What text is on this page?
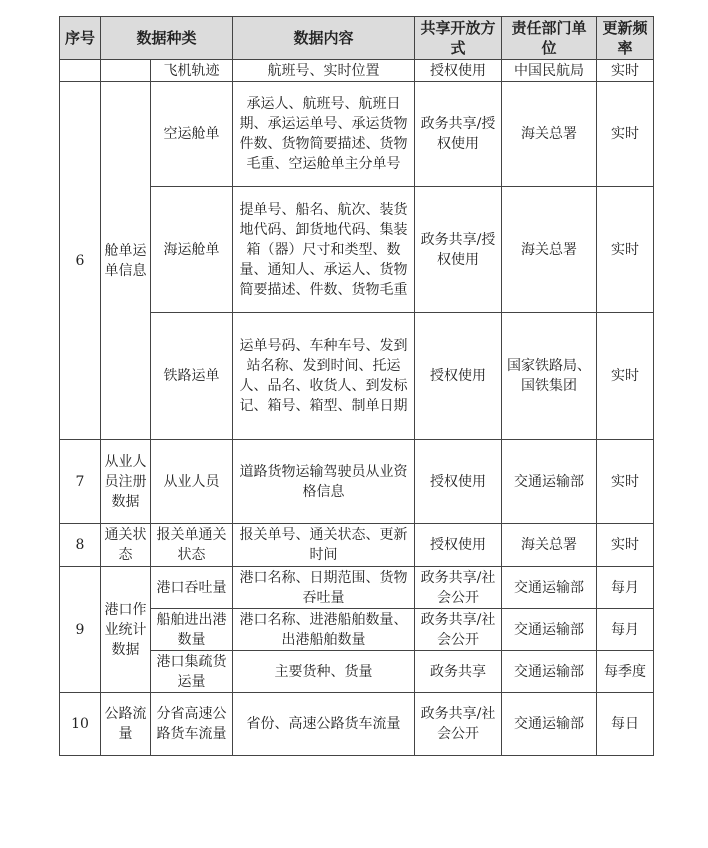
序号	数据种类		数据内容	共享开放方式	责任部门单位	更新频率
		飞机轨迹	航班号、实时位置	授权使用	中国民航局	实时
6	舱单运单信息	空运舱单	承运人、航班号、航班日期、承运运单号、承运货物件数、货物简要描述、货物毛重、空运舱单主分单号	政务共享/授权使用	海关总署	实时
		海运舱单	提单号、船名、航次、装货地代码、卸货地代码、集装箱（器）尺寸和类型、数量、通知人、承运人、货物简要描述、件数、货物毛重	政务共享/授权使用	海关总署	实时
		铁路运单	运单号码、车种车号、发到站名称、发到时间、托运人、品名、收货人、到发标记、箱号、箱型、制单日期	授权使用	国家铁路局、国铁集团	实时
7	从业人员注册数据	从业人员	道路货物运输驾驶员从业资格信息	授权使用	交通运输部	实时
8	通关状态	报关单通关状态	报关单号、通关状态、更新时间	授权使用	海关总署	实时
9	港口作业统计数据	港口吞吐量	港口名称、日期范围、货物吞吐量	政务共享/社会公开	交通运输部	每月
		船舶进出港数量	港口名称、进港船舶数量、出港船舶数量	政务共享/社会公开	交通运输部	每月
		港口集疏货运量	主要货种、货量	政务共享	交通运输部	每季度
10	公路流量	分省高速公路货车流量	省份、高速公路货车流量	政务共享/社会公开	交通运输部	每日
